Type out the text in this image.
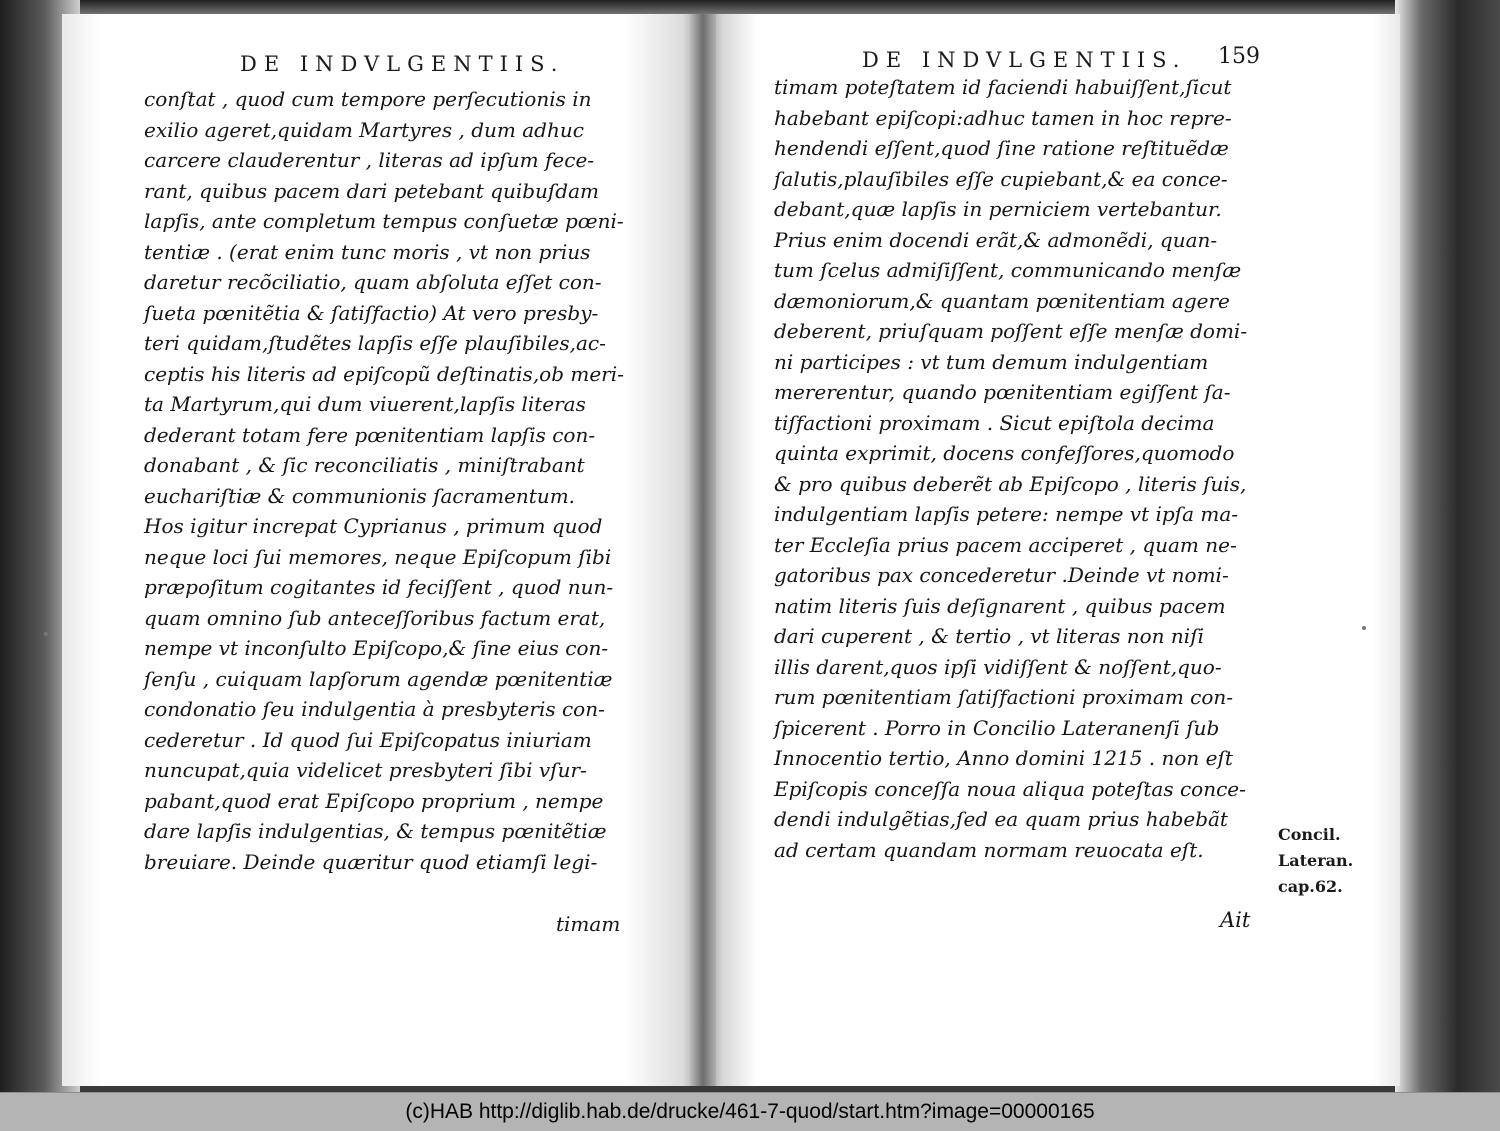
DE INDVLGENTIIS.	DE INDVLGENTIIS. 159
conſtat , quod cum tempore perſecutionis in
exilio ageret,quidam Martyres , dum adhuc
carcere clauderentur , literas ad ipſum fece-
rant, quibus pacem dari petebant quibuſdam
lapſis, ante completum tempus conſuetæ pœni-
tentiæ . (erat enim tunc moris , vt non prius
daretur recõciliatio, quam abſoluta eſſet con-
ſueta pœnitẽtia & ſatiſfactio) At vero presby-
teri quidam,ſtudẽtes lapſis eſſe plauſibiles,ac-
ceptis his literis ad epiſcopũ deſtinatis,ob meri-
ta Martyrum,qui dum viuerent,lapſis literas
dederant totam fere pœnitentiam lapſis con-
donabant , & ſic reconciliatis , miniſtrabant
euchariſtiæ & communionis ſacramentum.
Hos igitur increpat Cyprianus , primum quod
neque loci ſui memores, neque Epiſcopum ſibi
præpoſitum cogitantes id feciſſent , quod nun-
quam omnino ſub anteceſſoribus factum erat,
nempe vt inconſulto Epiſcopo,& ſine eius con-
ſenſu , cuiquam lapſorum agendæ pœnitentiæ
condonatio ſeu indulgentia à presbyteris con-
cederetur . Id quod ſui Epiſcopatus iniuriam
nuncupat,quia videlicet presbyteri ſibi vſur-
pabant,quod erat Epiſcopo proprium , nempe
dare lapſis indulgentias, & tempus pœnitẽtiæ
breuiare. Deinde quæritur quod etiamſi legi-
timam
timam poteſtatem id faciendi habuiſſent,ſicut
habebant epiſcopi:adhuc tamen in hoc repre-
hendendi eſſent,quod ſine ratione reſtituẽdæ
ſalutis,plauſibiles eſſe cupiebant,& ea conce-
debant,quæ lapſis in perniciem vertebantur.
Prius enim docendi erãt,& admonẽdi, quan-
tum ſcelus admiſiſſent, communicando menſæ
dæmoniorum,& quantam pœnitentiam agere
deberent, priuſquam poſſent eſſe menſæ domi-
ni participes : vt tum demum indulgentiam
mererentur, quando pœnitentiam egiſſent ſa-
tiſfactioni proximam . Sicut epiſtola decima
quinta exprimit, docens confeſſores,quomodo
& pro quibus deberẽt ab Epiſcopo , literis ſuis,
indulgentiam lapſis petere: nempe vt ipſa ma-
ter Eccleſia prius pacem acciperet , quam ne-
gatoribus pax concederetur .Deinde vt nomi-
natim literis ſuis deſignarent , quibus pacem
dari cuperent , & tertio , vt literas non niſi
illis darent,quos ipſi vidiſſent & noſſent,quo-
rum pœnitentiam ſatiſfactioni proximam con-
ſpicerent . Porro in Concilio Lateranenſi ſub
Innocentio tertio, Anno domini 1215 . non eſt
Epiſcopis conceſſa noua aliqua poteſtas conce-
dendi indulgẽtias,ſed ea quam prius habebãt
ad certam quandam normam reuocata eſt.
Ait
Concil.
Lateran.
cap.62.
(c)HAB http://diglib.hab.de/drucke/461-7-quod/start.htm?image=00000165
